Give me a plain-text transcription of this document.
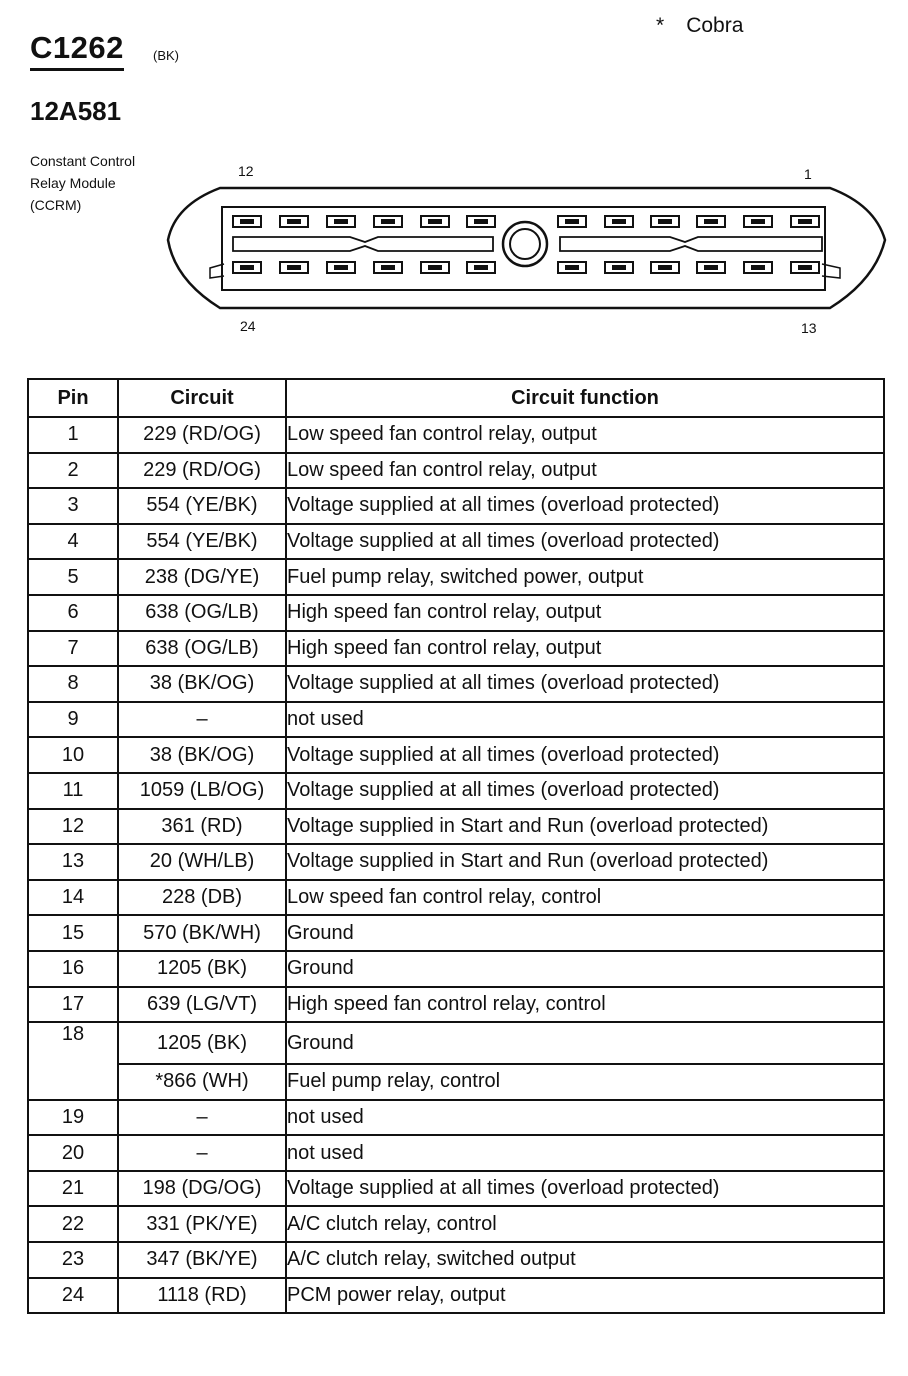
C1262 (BK)
12A581
Constant Control Relay Module (CCRM)
* Cobra
12	1
24	13
Pin	Circuit	Circuit function
1	229 (RD/OG)	Low speed fan control relay, output
2	229 (RD/OG)	Low speed fan control relay, output
3	554 (YE/BK)	Voltage supplied at all times (overload protected)
4	554 (YE/BK)	Voltage supplied at all times (overload protected)
5	238 (DG/YE)	Fuel pump relay, switched power, output
6	638 (OG/LB)	High speed fan control relay, output
7	638 (OG/LB)	High speed fan control relay, output
8	38 (BK/OG)	Voltage supplied at all times (overload protected)
9	–	not used
10	38 (BK/OG)	Voltage supplied at all times (overload protected)
11	1059 (LB/OG)	Voltage supplied at all times (overload protected)
12	361 (RD)	Voltage supplied in Start and Run (overload protected)
13	20 (WH/LB)	Voltage supplied in Start and Run (overload protected)
14	228 (DB)	Low speed fan control relay, control
15	570 (BK/WH)	Ground
16	1205 (BK)	Ground
17	639 (LG/VT)	High speed fan control relay, control
18	1205 (BK)	Ground
	*866 (WH)	Fuel pump relay, control
19	–	not used
20	–	not used
21	198 (DG/OG)	Voltage supplied at all times (overload protected)
22	331 (PK/YE)	A/C clutch relay, control
23	347 (BK/YE)	A/C clutch relay, switched output
24	1118 (RD)	PCM power relay, output
